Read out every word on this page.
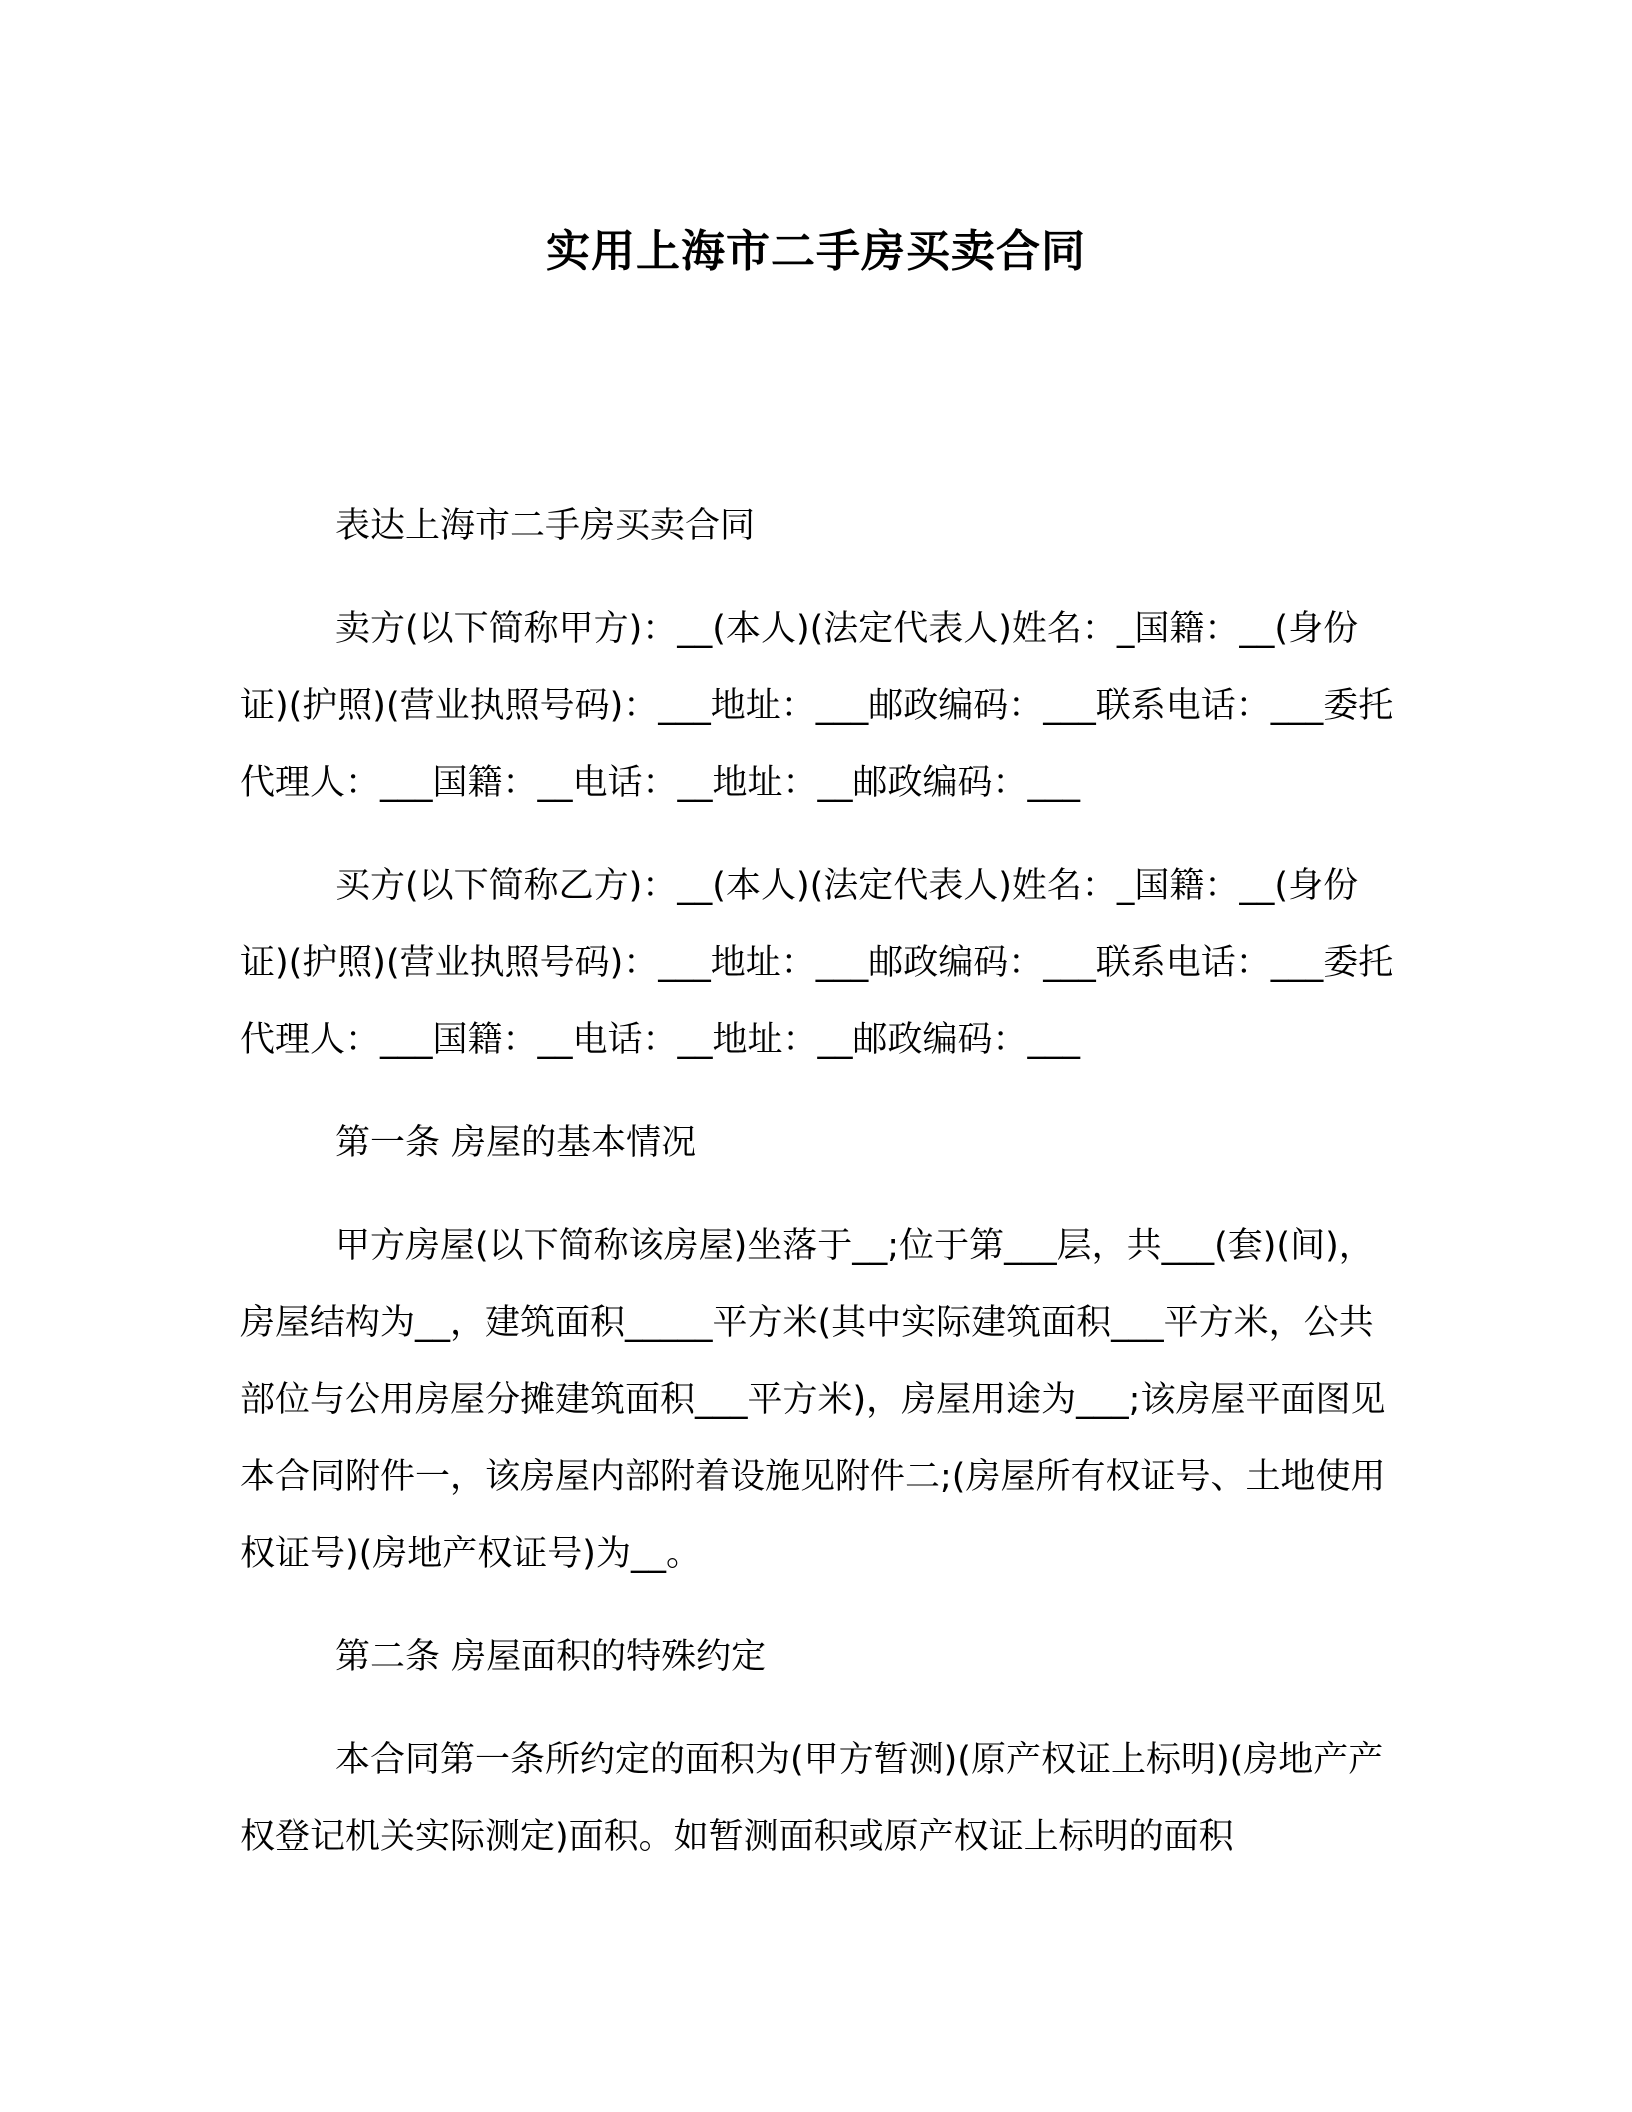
实用上海市二手房买卖合同

表达上海市二手房买卖合同

卖方(以下简称甲方)：__(本人)(法定代表人)姓名：_国籍：__(身份证)(护照)(营业执照号码)：___地址：___邮政编码：___联系电话：___委托代理人：___国籍：__电话：__地址：__邮政编码：___

买方(以下简称乙方)：__(本人)(法定代表人)姓名：_国籍：__(身份证)(护照)(营业执照号码)：___地址：___邮政编码：___联系电话：___委托代理人：___国籍：__电话：__地址：__邮政编码：___

第一条 房屋的基本情况

甲方房屋(以下简称该房屋)坐落于__;位于第___层，共___(套)(间)，房屋结构为__，建筑面积_____平方米(其中实际建筑面积___平方米，公共部位与公用房屋分摊建筑面积___平方米)，房屋用途为___;该房屋平面图见本合同附件一，该房屋内部附着设施见附件二;(房屋所有权证号、土地使用权证号)(房地产权证号)为__。

第二条 房屋面积的特殊约定

本合同第一条所约定的面积为(甲方暂测)(原产权证上标明)(房地产产权登记机关实际测定)面积。如暂测面积或原产权证上标明的面积
